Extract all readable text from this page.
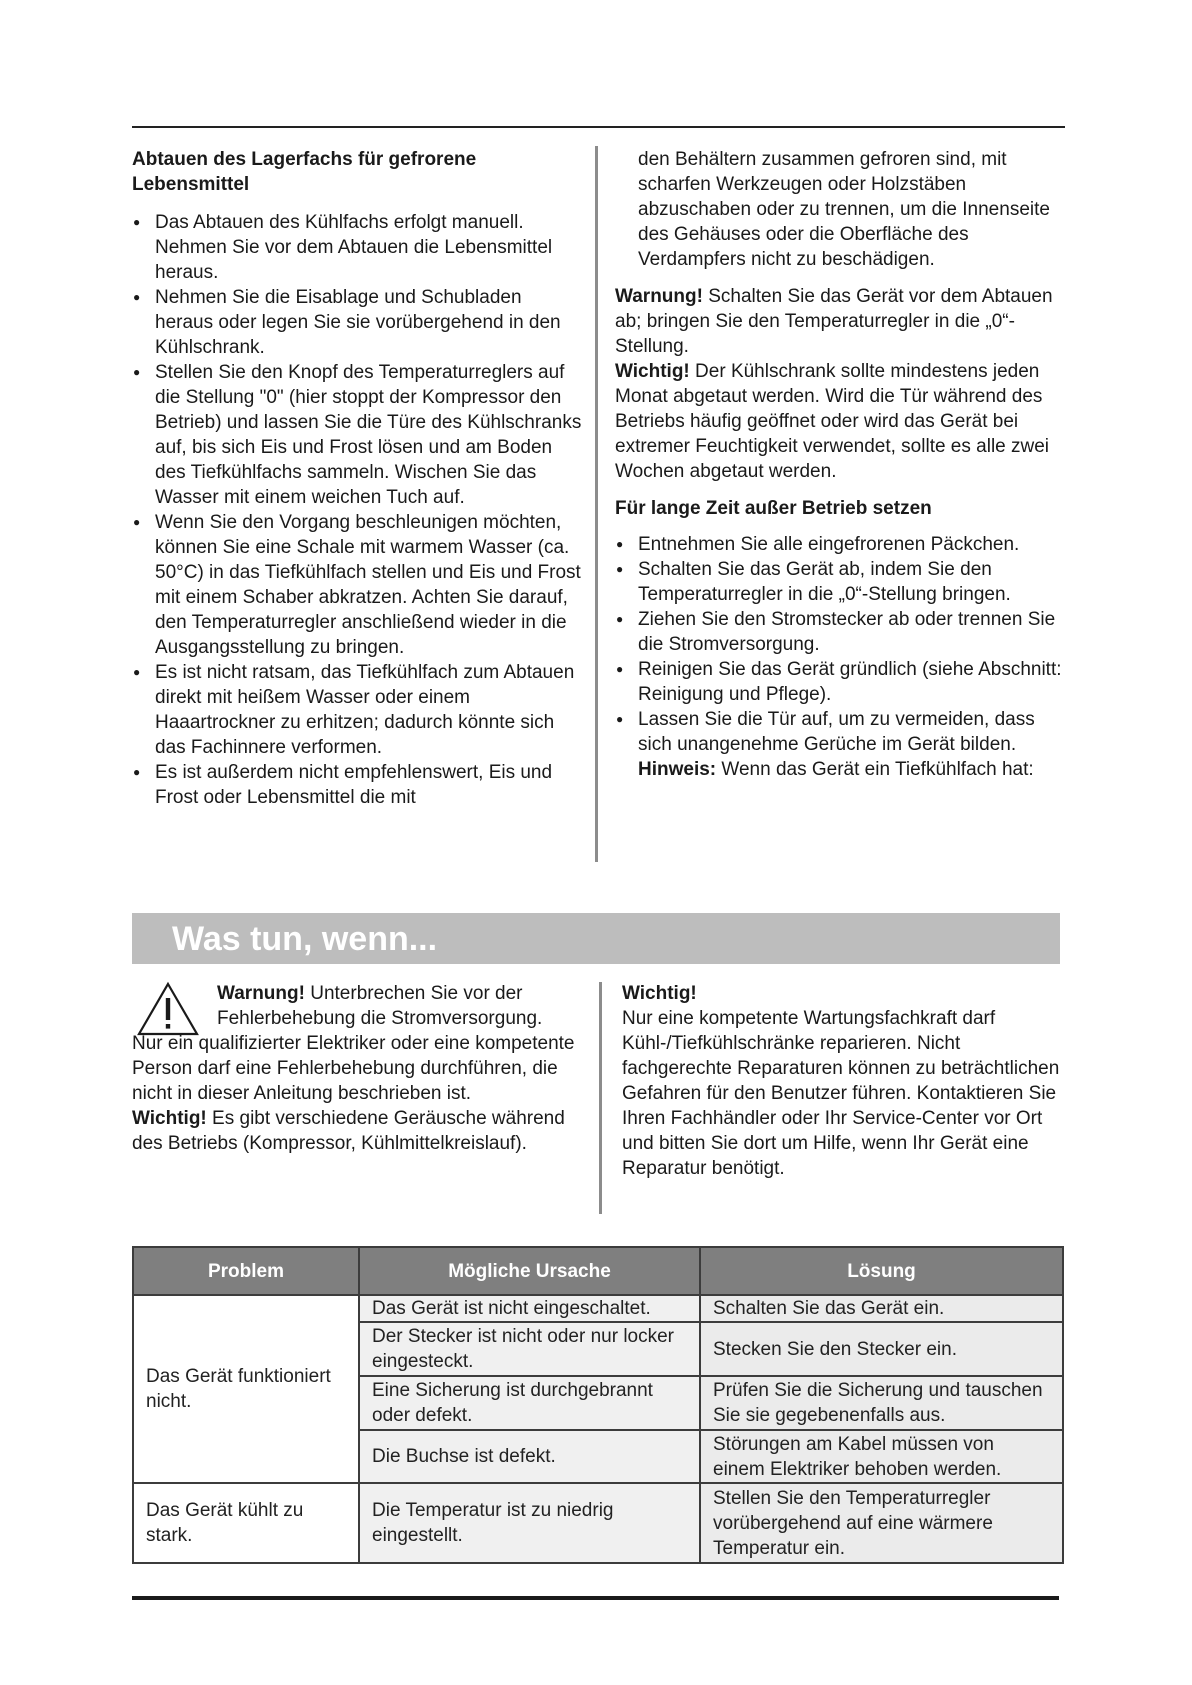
Abtauen des Lagerfachs für gefrorene Lebensmittel
● Das Abtauen des Kühlfachs erfolgt manuell. Nehmen Sie vor dem Abtauen die Lebensmittel heraus.
● Nehmen Sie die Eisablage und Schubladen heraus oder legen Sie sie vorübergehend in den Kühlschrank.
● Stellen Sie den Knopf des Temperaturreglers auf die Stellung "0" (hier stoppt der Kompressor den Betrieb) und lassen Sie die Türe des Kühlschranks auf, bis sich Eis und Frost lösen und am Boden des Tiefkühlfachs sammeln. Wischen Sie das Wasser mit einem weichen Tuch auf.
● Wenn Sie den Vorgang beschleunigen möchten, können Sie eine Schale mit warmem Wasser (ca. 50°C) in das Tiefkühlfach stellen und Eis und Frost mit einem Schaber abkratzen. Achten Sie darauf, den Temperaturregler anschließend wieder in die Ausgangsstellung zu bringen.
● Es ist nicht ratsam, das Tiefkühlfach zum Abtauen direkt mit heißem Wasser oder einem Haaartrockner zu erhitzen; dadurch könnte sich das Fachinnere verformen.
● Es ist außerdem nicht empfehlenswert, Eis und Frost oder Lebensmittel die mit

den Behältern zusammen gefroren sind, mit scharfen Werkzeugen oder Holzstäben abzuschaben oder zu trennen, um die Innenseite des Gehäuses oder die Oberfläche des Verdampfers nicht zu beschädigen.

Warnung! Schalten Sie das Gerät vor dem Abtauen ab; bringen Sie den Temperaturregler in die „0“-Stellung.

Wichtig! Der Kühlschrank sollte mindestens jeden Monat abgetaut werden. Wird die Tür während des Betriebs häufig geöffnet oder wird das Gerät bei extremer Feuchtigkeit verwendet, sollte es alle zwei Wochen abgetaut werden.

Für lange Zeit außer Betrieb setzen
● Entnehmen Sie alle eingefrorenen Päckchen.
● Schalten Sie das Gerät ab, indem Sie den Temperaturregler in die „0“-Stellung bringen.
● Ziehen Sie den Stromstecker ab oder trennen Sie die Stromversorgung.
● Reinigen Sie das Gerät gründlich (siehe Abschnitt: Reinigung und Pflege).
● Lassen Sie die Tür auf, um zu vermeiden, dass sich unangenehme Gerüche im Gerät bilden.

Hinweis: Wenn das Gerät ein Tiefkühlfach hat:

Was tun, wenn...

Warnung! Unterbrechen Sie vor der Fehlerbehebung die Stromversorgung.

Nur ein qualifizierter Elektriker oder eine kompetente Person darf eine Fehlerbehebung durchführen, die nicht in dieser Anleitung beschrieben ist.

Wichtig! Es gibt verschiedene Geräusche während des Betriebs (Kompressor, Kühlmittelkreislauf).

Wichtig!

Nur eine kompetente Wartungsfachkraft darf Kühl-/Tiefkühlschränke reparieren. Nicht fachgerechte Reparaturen können zu beträchtlichen Gefahren für den Benutzer führen. Kontaktieren Sie Ihren Fachhändler oder Ihr Service-Center vor Ort und bitten Sie dort um Hilfe, wenn Ihr Gerät eine Reparatur benötigt.

Problem	Mögliche Ursache	Lösung
Das Gerät funktioniert nicht.	Das Gerät ist nicht eingeschaltet.	Schalten Sie das Gerät ein.
	Der Stecker ist nicht oder nur locker eingesteckt.	Stecken Sie den Stecker ein.
	Eine Sicherung ist durchgebrannt oder defekt.	Prüfen Sie die Sicherung und tauschen Sie sie gegebenenfalls aus.
	Die Buchse ist defekt.	Störungen am Kabel müssen von einem Elektriker behoben werden.
Das Gerät kühlt zu stark.	Die Temperatur ist zu niedrig eingestellt.	Stellen Sie den Temperaturregler vorübergehend auf eine wärmere Temperatur ein.
